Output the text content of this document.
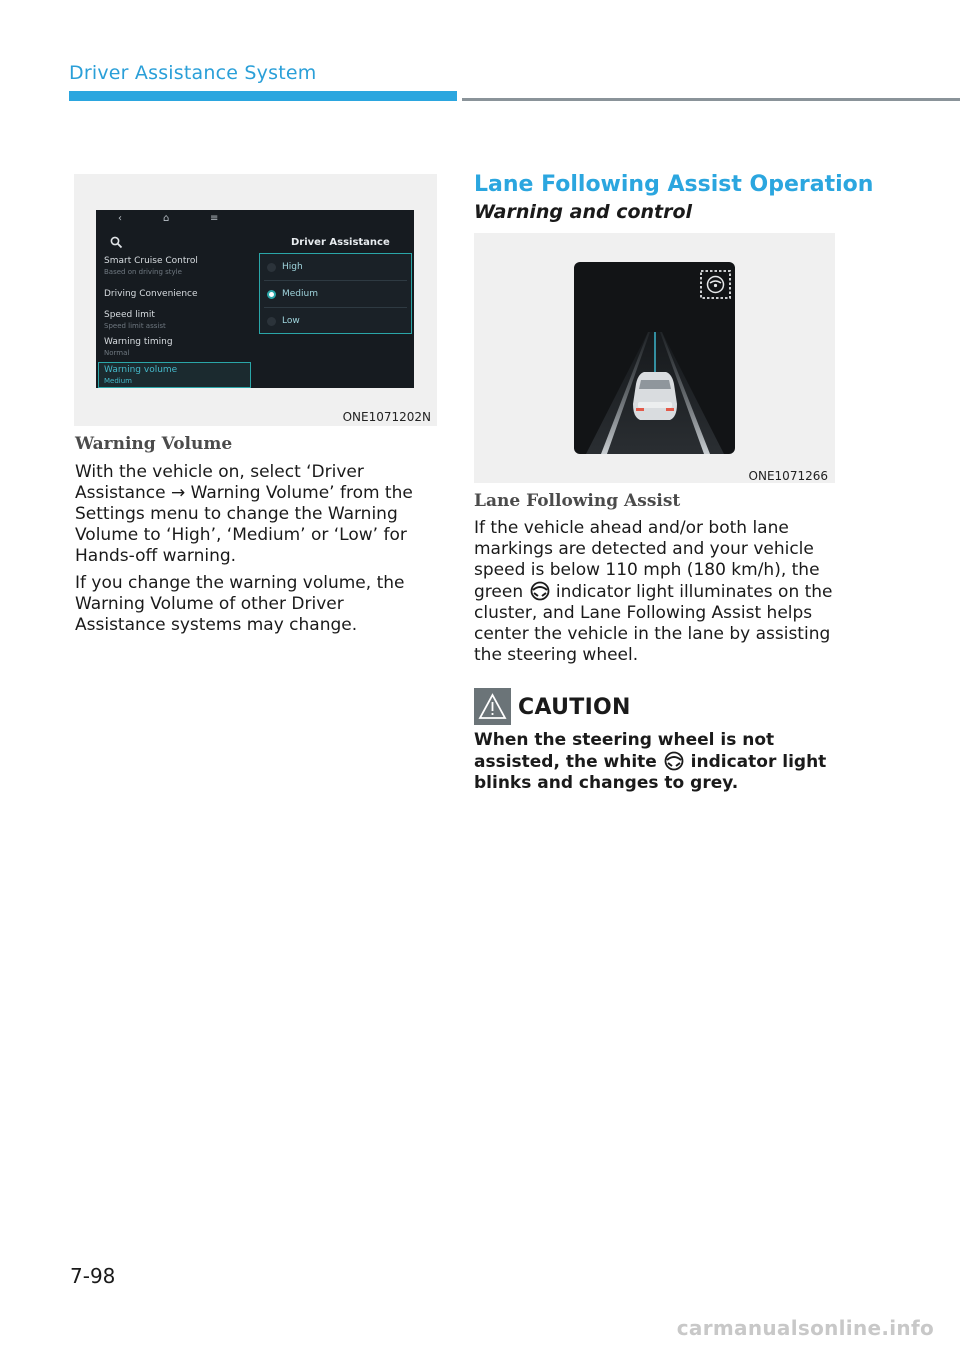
Driver Assistance System
‹	⌂	≡
Driver Assistance
Smart Cruise Control
Based on driving style
Driving Convenience
Speed limit
Speed limit assist
Warning timing
Normal
Warning volume
Medium
High
Medium
Low
ONE1071202N
Warning Volume

With the vehicle on, select ‘Driver Assistance → Warning Volume’ from the Settings menu to change the Warning Volume to ‘High’, ‘Medium’ or ‘Low’ for Hands-off warning.

If you change the warning volume, the Warning Volume of other Driver Assistance systems may change.

Lane Following Assist Operation
Warning and control
ONE1071266
Lane Following Assist
If the vehicle ahead and/or both lane markings are detected and your vehicle speed is below 110 mph (180 km/h), the green indicator light illuminates on the cluster, and Lane Following Assist helps center the vehicle in the lane by assisting the steering wheel.
CAUTION
When the steering wheel is not assisted, the white indicator light blinks and changes to grey.
7-98
carmanualsonline.info
